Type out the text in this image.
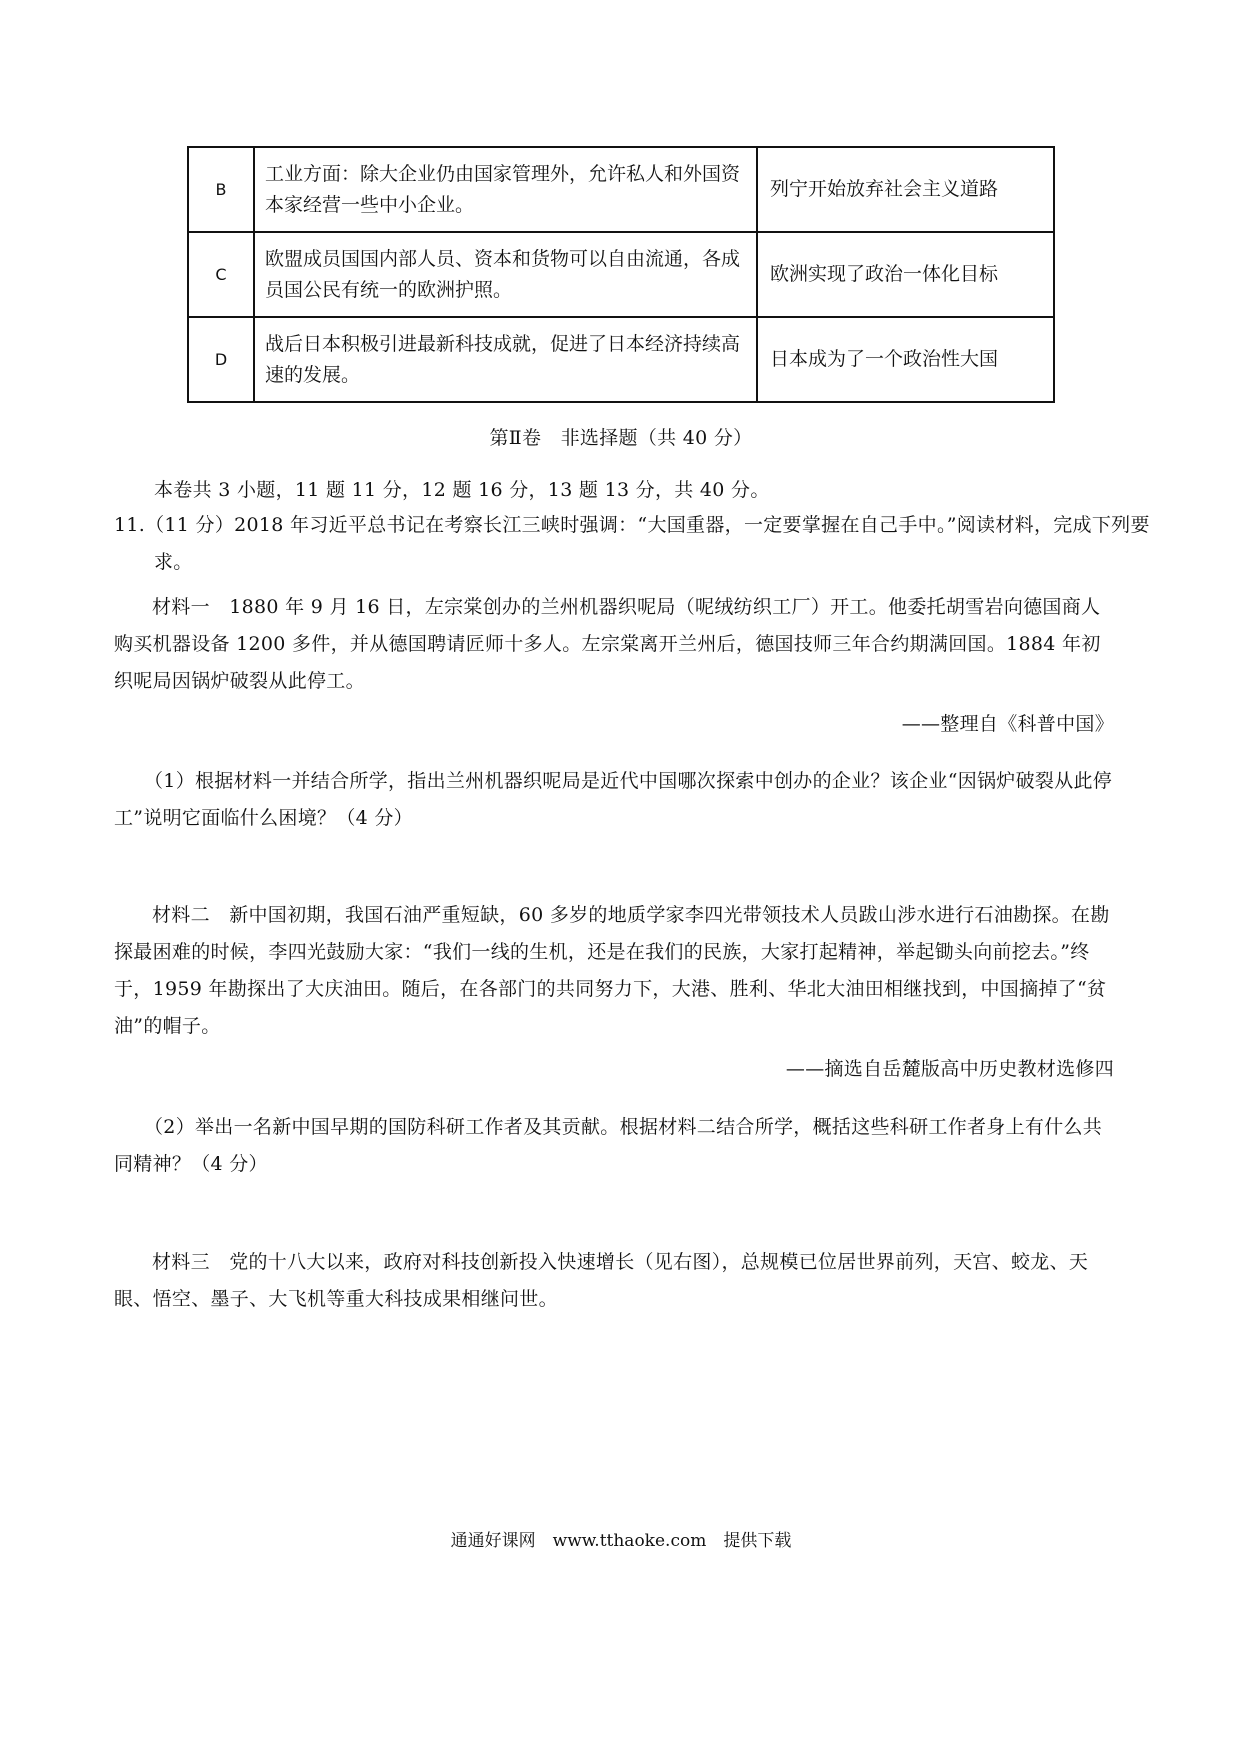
B	工业方面：除大企业仍由国家管理外，允许私人和外国资本家经营一些中小企业。	列宁开始放弃社会主义道路
C	欧盟成员国国内部人员、资本和货物可以自由流通，各成员国公民有统一的欧洲护照。	欧洲实现了政治一体化目标
D	战后日本积极引进最新科技成就，促进了日本经济持续高速的发展。	日本成为了一个政治性大国
第Ⅱ卷　非选择题（共 40 分）
本卷共 3 小题，11 题 11 分，12 题 16 分，13 题 13 分，共 40 分。
11.（11 分）2018 年习近平总书记在考察长江三峡时强调：“大国重器，一定要掌握在自己手中。”阅读材料，完成下列要求。
材料一　1880 年 9 月 16 日，左宗棠创办的兰州机器织呢局（呢绒纺织工厂）开工。他委托胡雪岩向德国商人购买机器设备 1200 多件，并从德国聘请匠师十多人。左宗棠离开兰州后，德国技师三年合约期满回国。1884 年初织呢局因锅炉破裂从此停工。
——整理自《科普中国》
（1）根据材料一并结合所学，指出兰州机器织呢局是近代中国哪次探索中创办的企业？该企业“因锅炉破裂从此停工”说明它面临什么困境？（4 分）
材料二　新中国初期，我国石油严重短缺，60 多岁的地质学家李四光带领技术人员跋山涉水进行石油勘探。在勘探最困难的时候，李四光鼓励大家：“我们一线的生机，还是在我们的民族，大家打起精神，举起锄头向前挖去。”终于，1959 年勘探出了大庆油田。随后，在各部门的共同努力下，大港、胜利、华北大油田相继找到，中国摘掉了“贫油”的帽子。
——摘选自岳麓版高中历史教材选修四
（2）举出一名新中国早期的国防科研工作者及其贡献。根据材料二结合所学，概括这些科研工作者身上有什么共同精神？（4 分）
材料三　党的十八大以来，政府对科技创新投入快速增长（见右图），总规模已位居世界前列，天宫、蛟龙、天眼、悟空、墨子、大飞机等重大科技成果相继问世。
通通好课网　www.tthaoke.com　提供下载
